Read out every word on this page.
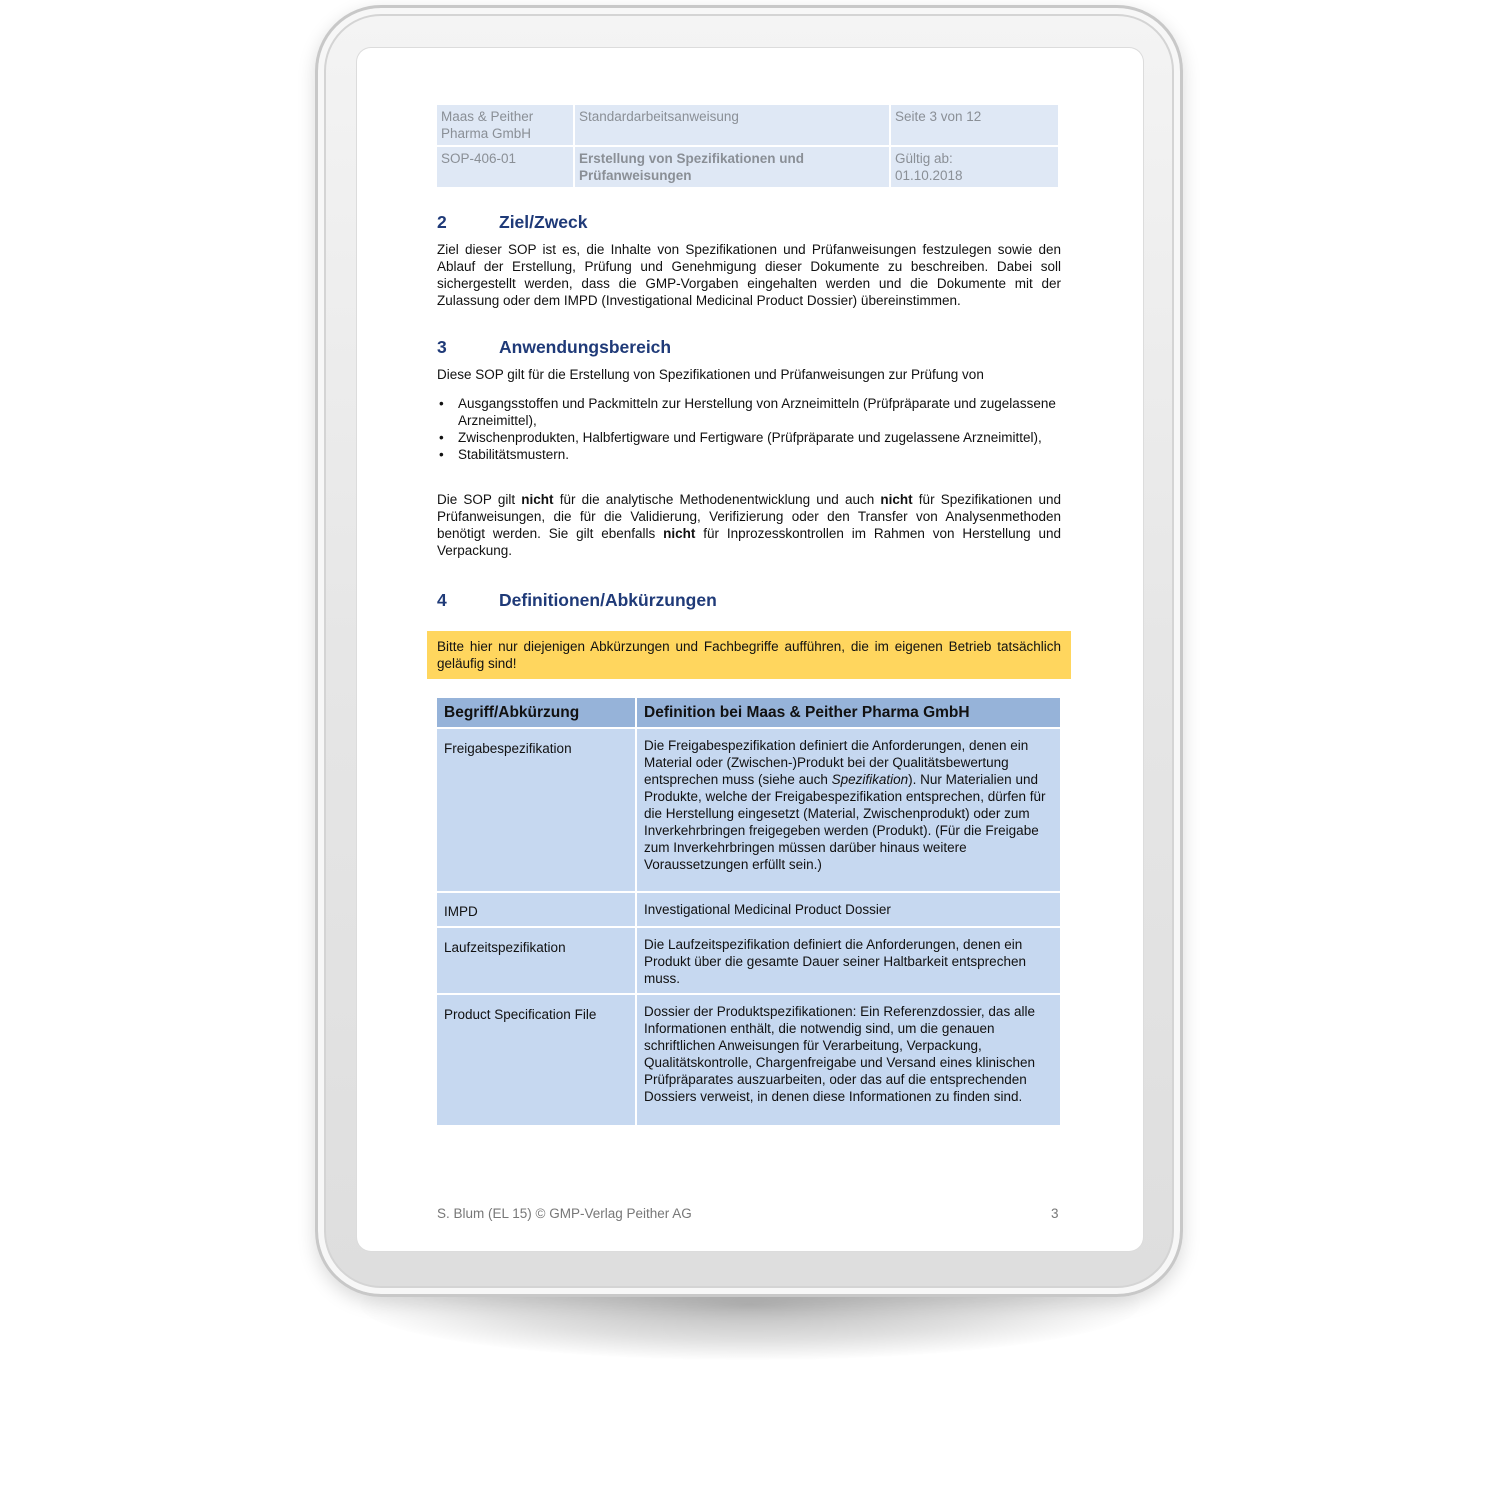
Maas & Peither Pharma GmbH	Standardarbeitsanweisung	Seite 3 von 12
SOP-406-01	Erstellung von Spezifikationen und Prüfanweisungen	Gültig ab:
01.10.2018
2	Ziel/Zweck
Ziel dieser SOP ist es, die Inhalte von Spezifikationen und Prüfanweisungen festzulegen sowie den Ablauf der Erstellung, Prüfung und Genehmigung dieser Dokumente zu beschreiben. Dabei soll sichergestellt werden, dass die GMP-Vorgaben eingehalten werden und die Dokumente mit der Zulassung oder dem IMPD (Investigational Medicinal Product Dossier) übereinstimmen.
3	Anwendungsbereich
Diese SOP gilt für die Erstellung von Spezifikationen und Prüfanweisungen zur Prüfung von
• Ausgangsstoffen und Packmitteln zur Herstellung von Arzneimitteln (Prüfpräparate und zugelassene Arzneimittel),
• Zwischenprodukten, Halbfertigware und Fertigware (Prüfpräparate und zugelassene Arzneimittel),
• Stabilitätsmustern.
Die SOP gilt nicht für die analytische Methodenentwicklung und auch nicht für Spezifikationen und Prüfanweisungen, die für die Validierung, Verifizierung oder den Transfer von Analysenmethoden benötigt werden. Sie gilt ebenfalls nicht für Inprozesskontrollen im Rahmen von Herstellung und Verpackung.
4	Definitionen/Abkürzungen
Bitte hier nur diejenigen Abkürzungen und Fachbegriffe aufführen, die im eigenen Betrieb tatsächlich geläufig sind!
Begriff/Abkürzung	Definition bei Maas & Peither Pharma GmbH
Freigabespezifikation	Die Freigabespezifikation definiert die Anforderungen, denen ein Material oder (Zwischen-)Produkt bei der Qualitätsbewertung entsprechen muss (siehe auch Spezifikation). Nur Materialien und Produkte, welche der Freigabespezifikation entsprechen, dürfen für die Herstellung eingesetzt (Material, Zwischenprodukt) oder zum Inverkehrbringen freigegeben werden (Produkt). (Für die Freigabe zum Inverkehrbringen müssen darüber hinaus weitere Voraussetzungen erfüllt sein.)
IMPD	Investigational Medicinal Product Dossier
Laufzeitspezifikation	Die Laufzeitspezifikation definiert die Anforderungen, denen ein Produkt über die gesamte Dauer seiner Haltbarkeit entsprechen muss.
Product Specification File	Dossier der Produktspezifikationen: Ein Referenzdossier, das alle Informationen enthält, die notwendig sind, um die genauen schriftlichen Anweisungen für Verarbeitung, Verpackung, Qualitätskontrolle, Chargenfreigabe und Versand eines klinischen Prüfpräparates auszuarbeiten, oder das auf die entsprechenden Dossiers verweist, in denen diese Informationen zu finden sind.
S. Blum (EL 15) © GMP-Verlag Peither AG	3
